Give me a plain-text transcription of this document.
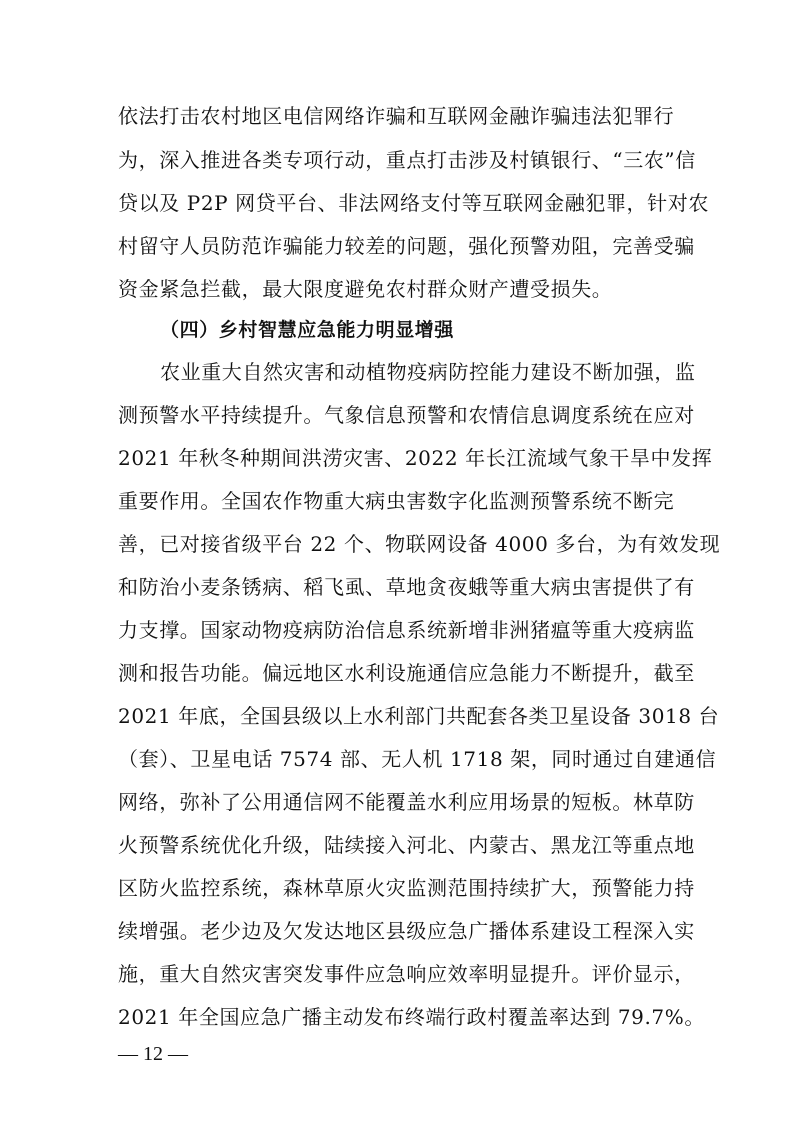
依法打击农村地区电信网络诈骗和互联网金融诈骗违法犯罪行
为，深入推进各类专项行动，重点打击涉及村镇银行、“三农”信
贷以及 P2P 网贷平台、非法网络支付等互联网金融犯罪，针对农
村留守人员防范诈骗能力较差的问题，强化预警劝阻，完善受骗
资金紧急拦截，最大限度避免农村群众财产遭受损失。
（四）乡村智慧应急能力明显增强
农业重大自然灾害和动植物疫病防控能力建设不断加强，监
测预警水平持续提升。气象信息预警和农情信息调度系统在应对
2021 年秋冬种期间洪涝灾害、2022 年长江流域气象干旱中发挥
重要作用。全国农作物重大病虫害数字化监测预警系统不断完
善，已对接省级平台 22 个、物联网设备 4000 多台，为有效发现
和防治小麦条锈病、稻飞虱、草地贪夜蛾等重大病虫害提供了有
力支撑。国家动物疫病防治信息系统新增非洲猪瘟等重大疫病监
测和报告功能。偏远地区水利设施通信应急能力不断提升，截至
2021 年底，全国县级以上水利部门共配套各类卫星设备 3018 台
（套）、卫星电话 7574 部、无人机 1718 架，同时通过自建通信
网络，弥补了公用通信网不能覆盖水利应用场景的短板。林草防
火预警系统优化升级，陆续接入河北、内蒙古、黑龙江等重点地
区防火监控系统，森林草原火灾监测范围持续扩大，预警能力持
续增强。老少边及欠发达地区县级应急广播体系建设工程深入实
施，重大自然灾害突发事件应急响应效率明显提升。评价显示，
2021 年全国应急广播主动发布终端行政村覆盖率达到 79.7%。
— 12 —
